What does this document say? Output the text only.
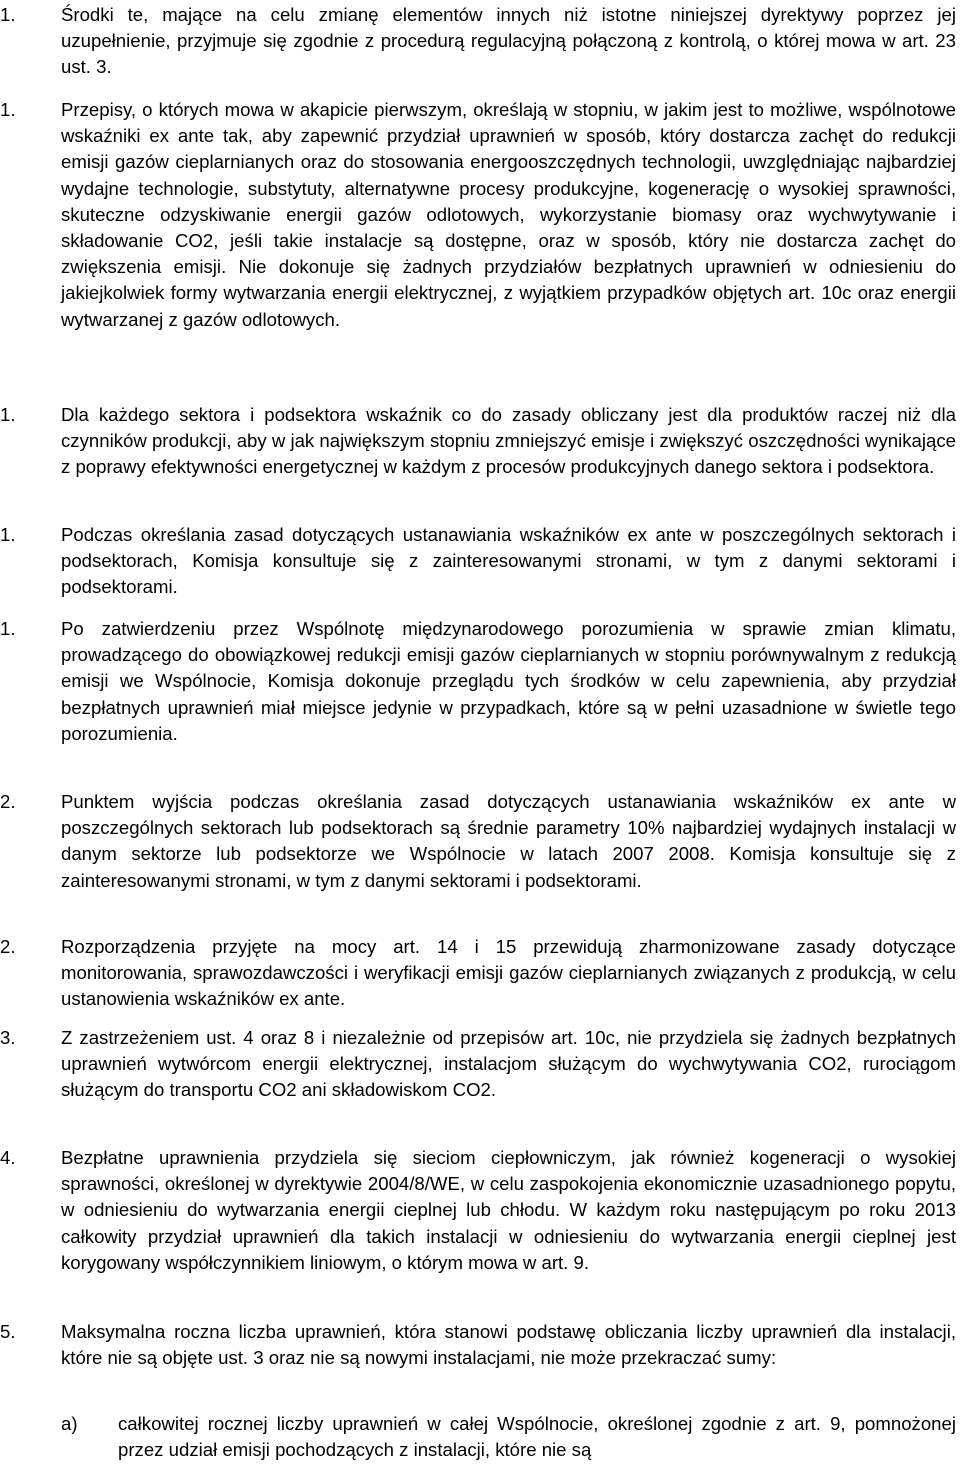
1. Środki te, mające na celu zmianę elementów innych niż istotne niniejszej dyrektywy poprzez jej uzupełnienie, przyjmuje się zgodnie z procedurą regulacyjną połączoną z kontrolą, o której mowa w art. 23 ust. 3.
1. Przepisy, o których mowa w akapicie pierwszym, określają w stopniu, w jakim jest to możliwe, wspólnotowe wskaźniki ex ante tak, aby zapewnić przydział uprawnień w sposób, który dostarcza zachęt do redukcji emisji gazów cieplarnianych oraz do stosowania energooszczędnych technologii, uwzględniając najbardziej wydajne technologie, substytuty, alternatywne procesy produkcyjne, kogenerację o wysokiej sprawności, skuteczne odzyskiwanie energii gazów odlotowych, wykorzystanie biomasy oraz wychwytywanie i składowanie CO2, jeśli takie instalacje są dostępne, oraz w sposób, który nie dostarcza zachęt do zwiększenia emisji. Nie dokonuje się żadnych przydziałów bezpłatnych uprawnień w odniesieniu do jakiejkolwiek formy wytwarzania energii elektrycznej, z wyjątkiem przypadków objętych art. 10c oraz energii wytwarzanej z gazów odlotowych.
1. Dla każdego sektora i podsektora wskaźnik co do zasady obliczany jest dla produktów raczej niż dla czynników produkcji, aby w jak największym stopniu zmniejszyć emisje i zwiększyć oszczędności wynikające z poprawy efektywności energetycznej w każdym z procesów produkcyjnych danego sektora i podsektora.
1. Podczas określania zasad dotyczących ustanawiania wskaźników ex ante w poszczególnych sektorach i podsektorach, Komisja konsultuje się z zainteresowanymi stronami, w tym z danymi sektorami i podsektorami.
1. Po zatwierdzeniu przez Wspólnotę międzynarodowego porozumienia w sprawie zmian klimatu, prowadzącego do obowiązkowej redukcji emisji gazów cieplarnianych w stopniu porównywalnym z redukcją emisji we Wspólnocie, Komisja dokonuje przeglądu tych środków w celu zapewnienia, aby przydział bezpłatnych uprawnień miał miejsce jedynie w przypadkach, które są w pełni uzasadnione w świetle tego porozumienia.
2. Punktem wyjścia podczas określania zasad dotyczących ustanawiania wskaźników ex ante w poszczególnych sektorach lub podsektorach są średnie parametry 10% najbardziej wydajnych instalacji w danym sektorze lub podsektorze we Wspólnocie w latach 2007 2008. Komisja konsultuje się z zainteresowanymi stronami, w tym z danymi sektorami i podsektorami.
2. Rozporządzenia przyjęte na mocy art. 14 i 15 przewidują zharmonizowane zasady dotyczące monitorowania, sprawozdawczości i weryfikacji emisji gazów cieplarnianych związanych z produkcją, w celu ustanowienia wskaźników ex ante.
3. Z zastrzeżeniem ust. 4 oraz 8 i niezależnie od przepisów art. 10c, nie przydziela się żadnych bezpłatnych uprawnień wytwórcom energii elektrycznej, instalacjom służącym do wychwytywania CO2, rurociągom służącym do transportu CO2 ani składowiskom CO2.
4. Bezpłatne uprawnienia przydziela się sieciom ciepłowniczym, jak również kogeneracji o wysokiej sprawności, określonej w dyrektywie 2004/8/WE, w celu zaspokojenia ekonomicznie uzasadnionego popytu, w odniesieniu do wytwarzania energii cieplnej lub chłodu. W każdym roku następującym po roku 2013 całkowity przydział uprawnień dla takich instalacji w odniesieniu do wytwarzania energii cieplnej jest korygowany współczynnikiem liniowym, o którym mowa w art. 9.
5. Maksymalna roczna liczba uprawnień, która stanowi podstawę obliczania liczby uprawnień dla instalacji, które nie są objęte ust. 3 oraz nie są nowymi instalacjami, nie może przekraczać sumy:
a) całkowitej rocznej liczby uprawnień w całej Wspólnocie, określonej zgodnie z art. 9, pomnożonej przez udział emisji pochodzących z instalacji, które nie są
